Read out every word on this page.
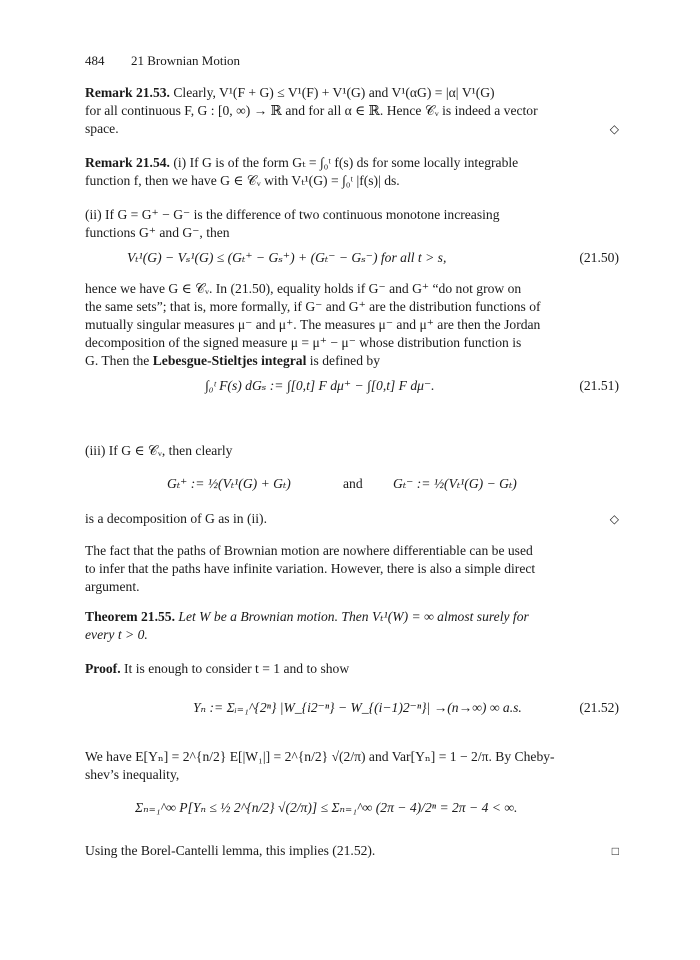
484 21 Brownian Motion
Remark 21.53. Clearly, V¹(F + G) ≤ V¹(F) + V¹(G) and V¹(αG) = |α| V¹(G)
for all continuous F, G : [0, ∞) → ℝ and for all α ∈ ℝ. Hence 𝒞ᵥ is indeed a vector
space.	◇
Remark 21.54. (i) If G is of the form Gₜ = ∫₀ᵗ f(s) ds for some locally integrable
function f, then we have G ∈ 𝒞ᵥ with Vₜ¹(G) = ∫₀ᵗ |f(s)| ds.
(ii) If G = G⁺ − G⁻ is the difference of two continuous monotone increasing
functions G⁺ and G⁻, then
Vₜ¹(G) − Vₛ¹(G) ≤ (Gₜ⁺ − Gₛ⁺) + (Gₜ⁻ − Gₛ⁻) for all t > s,	(21.50)
hence we have G ∈ 𝒞ᵥ. In (21.50), equality holds if G⁻ and G⁺ “do not grow on
the same sets”; that is, more formally, if G⁻ and G⁺ are the distribution functions of
mutually singular measures μ⁻ and μ⁺. The measures μ⁻ and μ⁺ are then the Jordan
decomposition of the signed measure μ = μ⁺ − μ⁻ whose distribution function is
G. Then the Lebesgue-Stieltjes integral is defined by
∫₀ᵗ F(s) dGₛ := ∫[0,t] F dμ⁺ − ∫[0,t] F dμ⁻.	(21.51)
(iii) If G ∈ 𝒞ᵥ, then clearly
Gₜ⁺ := ½(Vₜ¹(G) + Gₜ)	and Gₜ⁻ := ½(Vₜ¹(G) − Gₜ)
is a decomposition of G as in (ii).	◇
The fact that the paths of Brownian motion are nowhere differentiable can be used
to infer that the paths have infinite variation. However, there is also a simple direct
argument.
Theorem 21.55. Let W be a Brownian motion. Then Vₜ¹(W) = ∞ almost surely for
every t > 0.
Proof. It is enough to consider t = 1 and to show
Yₙ := Σᵢ₌₁^{2ⁿ} |W_{i2⁻ⁿ} − W_{(i−1)2⁻ⁿ}| →(n→∞) ∞ a.s.	(21.52)
We have E[Yₙ] = 2^{n/2} E[|W₁|] = 2^{n/2} √(2/π) and Var[Yₙ] = 1 − 2/π. By Cheby-
shev’s inequality,
Σₙ₌₁^∞ P[Yₙ ≤ ½ 2^{n/2} √(2/π)] ≤ Σₙ₌₁^∞ (2π − 4)/2ⁿ = 2π − 4 < ∞.
Using the Borel-Cantelli lemma, this implies (21.52).	□
